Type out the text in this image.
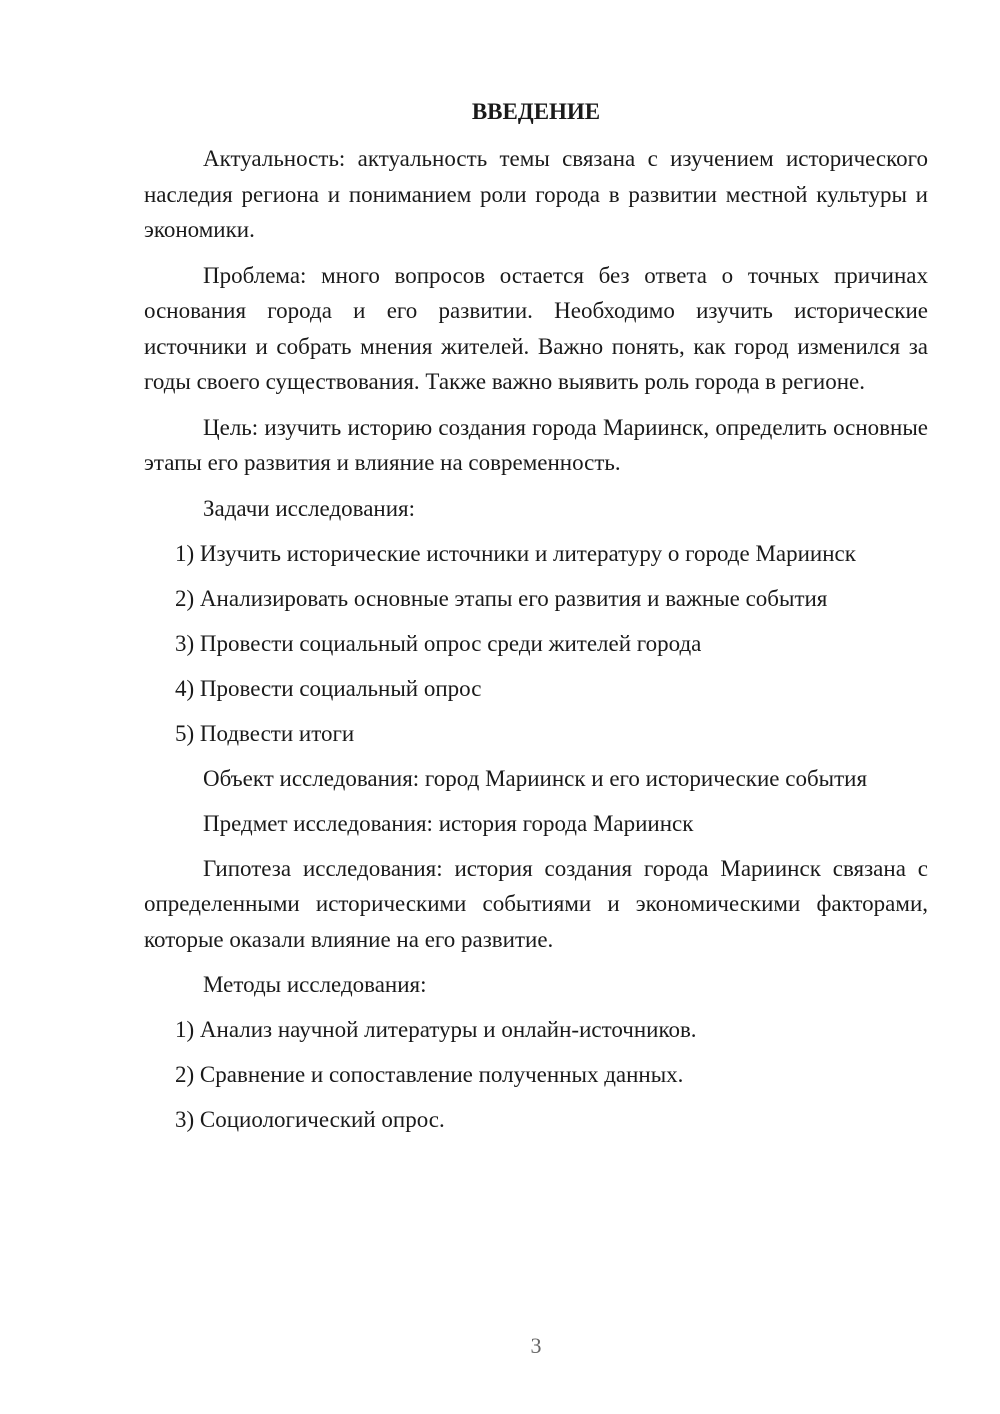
ВВЕДЕНИЕ
Актуальность: актуальность темы связана с изучением исторического наследия региона и пониманием роли города в развитии местной культуры и экономики.
Проблема: много вопросов остается без ответа о точных причинах основания города и его развитии. Необходимо изучить исторические источники и собрать мнения жителей. Важно понять, как город изменился за годы своего существования. Также важно выявить роль города в регионе.
Цель: изучить историю создания города Мариинск, определить основные этапы его развития и влияние на современность.
Задачи исследования:
1) Изучить исторические источники и литературу о городе Мариинск
2) Анализировать основные этапы его развития и важные события
3) Провести социальный опрос среди жителей города
4) Провести социальный опрос
5) Подвести итоги
Объект исследования: город Мариинск и его исторические события
Предмет исследования: история города Мариинск
Гипотеза исследования: история создания города Мариинск связана с определенными историческими событиями и экономическими факторами, которые оказали влияние на его развитие.
Методы исследования:
1) Анализ научной литературы и онлайн-источников.
2) Сравнение и сопоставление полученных данных.
3) Социологический опрос.
3
